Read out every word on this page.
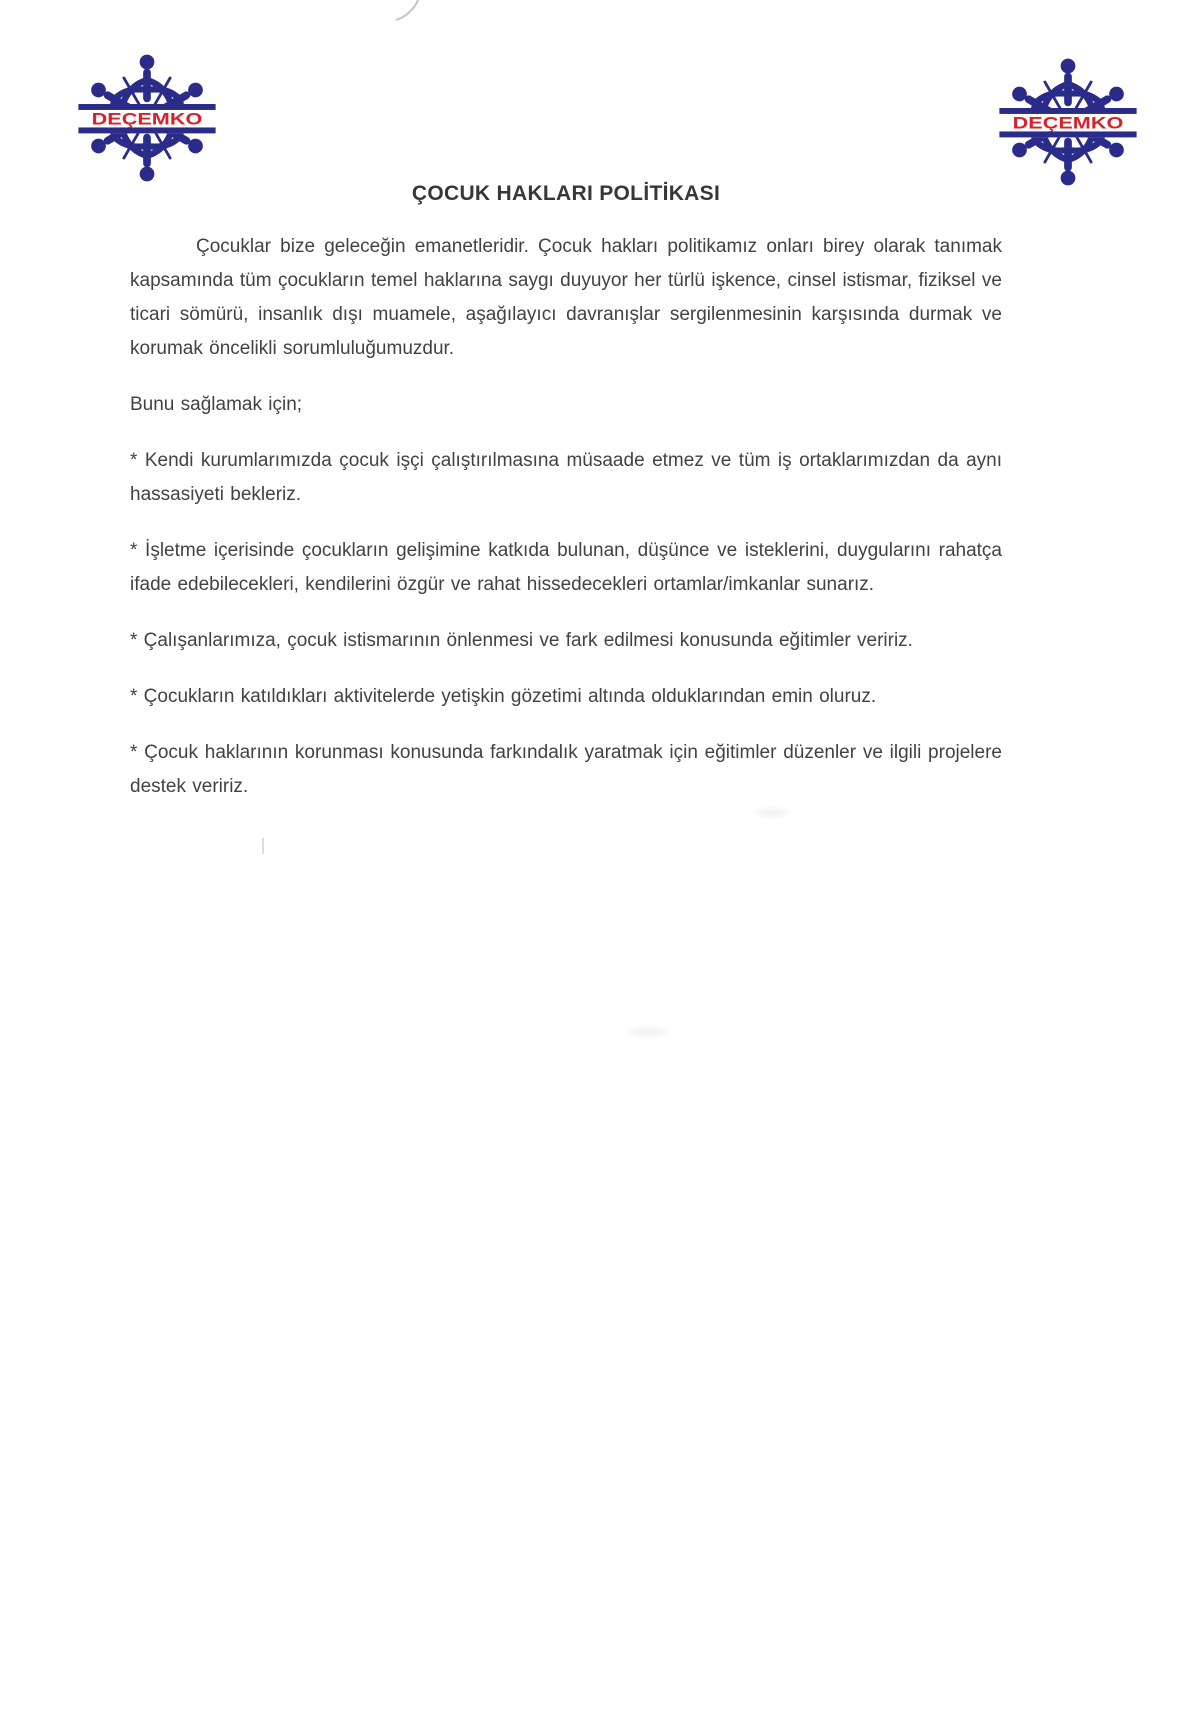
DEÇEMKO	DEÇEMKO
ÇOCUK HAKLARI POLİTİKASI

Çocuklar bize geleceğin emanetleridir. Çocuk hakları politikamız onları birey olarak tanımak kapsamında tüm çocukların temel haklarına saygı duyuyor her türlü işkence, cinsel istismar, fiziksel ve ticari sömürü, insanlık dışı muamele, aşağılayıcı davranışlar sergilenmesinin karşısında durmak ve korumak öncelikli sorumluluğumuzdur.

Bunu sağlamak için;

* Kendi kurumlarımızda çocuk işçi çalıştırılmasına müsaade etmez ve tüm iş ortaklarımızdan da aynı hassasiyeti bekleriz.

* İşletme içerisinde çocukların gelişimine katkıda bulunan, düşünce ve isteklerini, duygularını rahatça ifade edebilecekleri, kendilerini özgür ve rahat hissedecekleri ortamlar/imkanlar sunarız.

* Çalışanlarımıza, çocuk istismarının önlenmesi ve fark edilmesi konusunda eğitimler veririz.

* Çocukların katıldıkları aktivitelerde yetişkin gözetimi altında olduklarından emin oluruz.

* Çocuk haklarının korunması konusunda farkındalık yaratmak için eğitimler düzenler ve ilgili projelere destek veririz.
